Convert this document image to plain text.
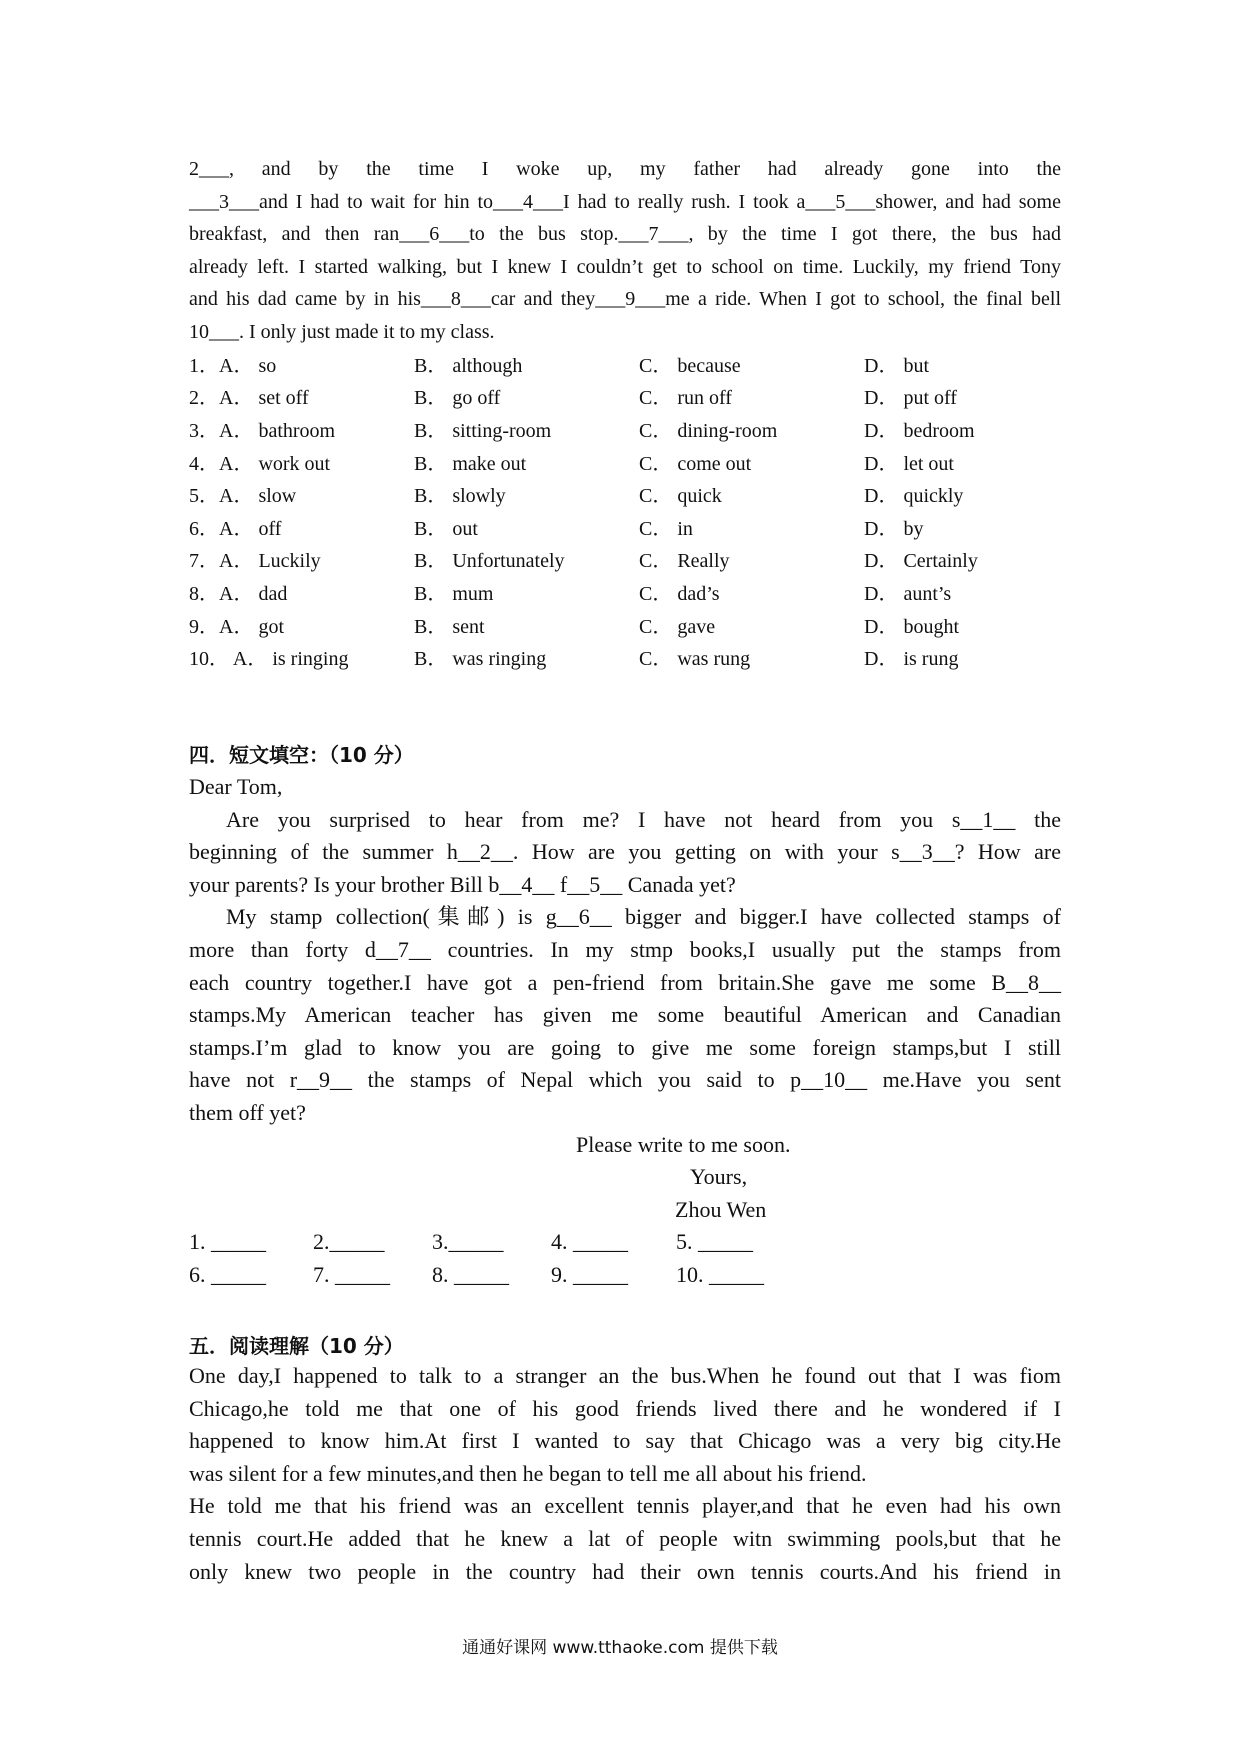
2___, and by the time I woke up, my father had already gone into the

___3___and I had to wait for hin to___4___I had to really rush. I took a___5___shower, and had some

breakfast, and then ran___6___to the bus stop.___7___, by the time I got there, the bus had

already left. I started walking, but I knew I couldn’t get to school on time. Luckily, my friend Tony

and his dad came by in his___8___car and they___9___me a ride. When I got to school, the final bell

10___. I only just made it to my class.

1．A． so	B． although	C． because	D． but
2．A． set off	B． go off	C． run off	D． put off
3．A． bathroom	B． sitting-room	C． dining-room	D． bedroom
4．A． work out	B． make out	C． come out	D． let out
5．A． slow	B． slowly	C． quick	D． quickly
6．A． off	B． out	C． in	D． by
7．A． Luckily	B． Unfortunately	C． Really	D． Certainly
8．A． dad	B． mum	C． dad’s	D． aunt’s
9．A． got	B． sent	C． gave	D． bought
10． A． is ringing	B． was ringing	C． was rung	D． is rung
四．短文填空：（10 分）

Dear Tom,

Are you surprised to hear from me? I have not heard from you s__1__ the

beginning of the summer h__2__. How are you getting on with your s__3__? How are

your parents? Is your brother Bill b__4__ f__5__ Canada yet?

My stamp collection(集邮) is g__6__ bigger and bigger.I have collected stamps of

more than forty d__7__ countries. In my stmp books,I usually put the stamps from

each country together.I have got a pen-friend from britain.She gave me some B__8__

stamps.My American teacher has given me some beautiful American and Canadian

stamps.I’m glad to know you are going to give me some foreign stamps,but I still

have not r__9__ the stamps of Nepal which you said to p__10__ me.Have you sent

them off yet?

Please write to me soon.
Yours,
Zhou Wen
1. _____	2._____	3._____	4. _____	5. _____
6. _____	7. _____	8. _____	9. _____	10. _____
五．阅读理解（10 分）

One day,I happened to talk to a stranger an the bus.When he found out that I was fiom

Chicago,he told me that one of his good friends lived there and he wondered if I

happened to know him.At first I wanted to say that Chicago was a very big city.He

was silent for a few minutes,and then he began to tell me all about his friend.

He told me that his friend was an excellent tennis player,and that he even had his own

tennis court.He added that he knew a lat of people witn swimming pools,but that he

only knew two people in the country had their own tennis courts.And his friend in

通通好课网 www.tthaoke.com 提供下载
